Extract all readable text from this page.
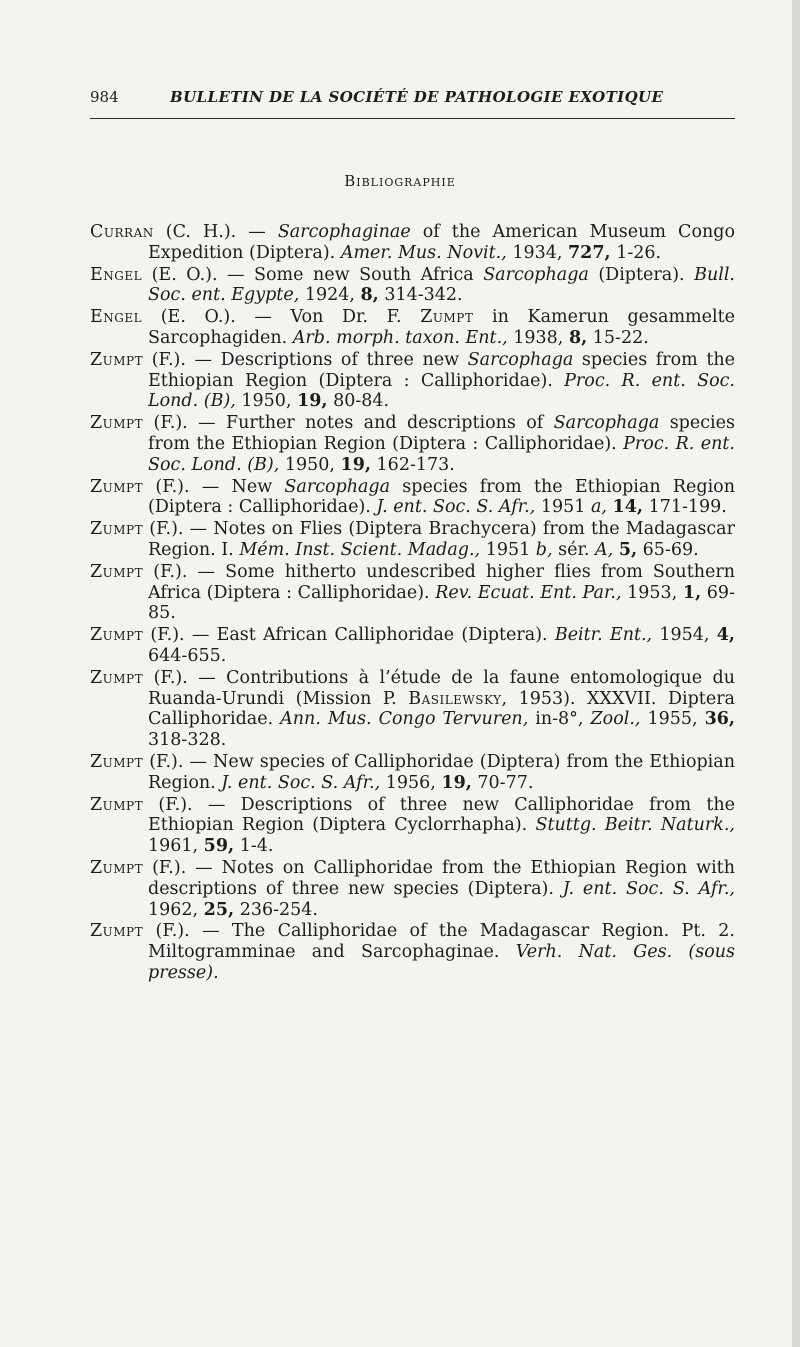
984	BULLETIN DE LA SOCIÉTÉ DE PATHOLOGIE EXOTIQUE
Bibliographie
Curran (C. H.). — Sarcophaginae of the American Museum Congo Expedition (Diptera). Amer. Mus. Novit., 1934, 727, 1-26.
Engel (E. O.). — Some new South Africa Sarcophaga (Diptera). Bull. Soc. ent. Egypte, 1924, 8, 314-342.
Engel (E. O.). — Von Dr. F. Zumpt in Kamerun gesammelte Sarcophagiden. Arb. morph. taxon. Ent., 1938, 8, 15-22.
Zumpt (F.). — Descriptions of three new Sarcophaga species from the Ethiopian Region (Diptera : Calliphoridae). Proc. R. ent. Soc. Lond. (B), 1950, 19, 80-84.
Zumpt (F.). — Further notes and descriptions of Sarcophaga species from the Ethiopian Region (Diptera : Calliphoridae). Proc. R. ent. Soc. Lond. (B), 1950, 19, 162-173.
Zumpt (F.). — New Sarcophaga species from the Ethiopian Region (Diptera : Calliphoridae). J. ent. Soc. S. Afr., 1951 a, 14, 171-199.
Zumpt (F.). — Notes on Flies (Diptera Brachycera) from the Madagascar Region. I. Mém. Inst. Scient. Madag., 1951 b, sér. A, 5, 65-69.
Zumpt (F.). — Some hitherto undescribed higher flies from Southern Africa (Diptera : Calliphoridae). Rev. Ecuat. Ent. Par., 1953, 1, 69-85.
Zumpt (F.). — East African Calliphoridae (Diptera). Beitr. Ent., 1954, 4, 644-655.
Zumpt (F.). — Contributions à l’étude de la faune entomologique du Ruanda-Urundi (Mission P. Basilewsky, 1953). XXXVII. Diptera Calliphoridae. Ann. Mus. Congo Tervuren, in-8°, Zool., 1955, 36, 318-328.
Zumpt (F.). — New species of Calliphoridae (Diptera) from the Ethiopian Region. J. ent. Soc. S. Afr., 1956, 19, 70-77.
Zumpt (F.). — Descriptions of three new Calliphoridae from the Ethiopian Region (Diptera Cyclorrhapha). Stuttg. Beitr. Naturk., 1961, 59, 1-4.
Zumpt (F.). — Notes on Calliphoridae from the Ethiopian Region with descriptions of three new species (Diptera). J. ent. Soc. S. Afr., 1962, 25, 236-254.
Zumpt (F.). — The Calliphoridae of the Madagascar Region. Pt. 2. Miltogramminae and Sarcophaginae. Verh. Nat. Ges. (sous presse).
